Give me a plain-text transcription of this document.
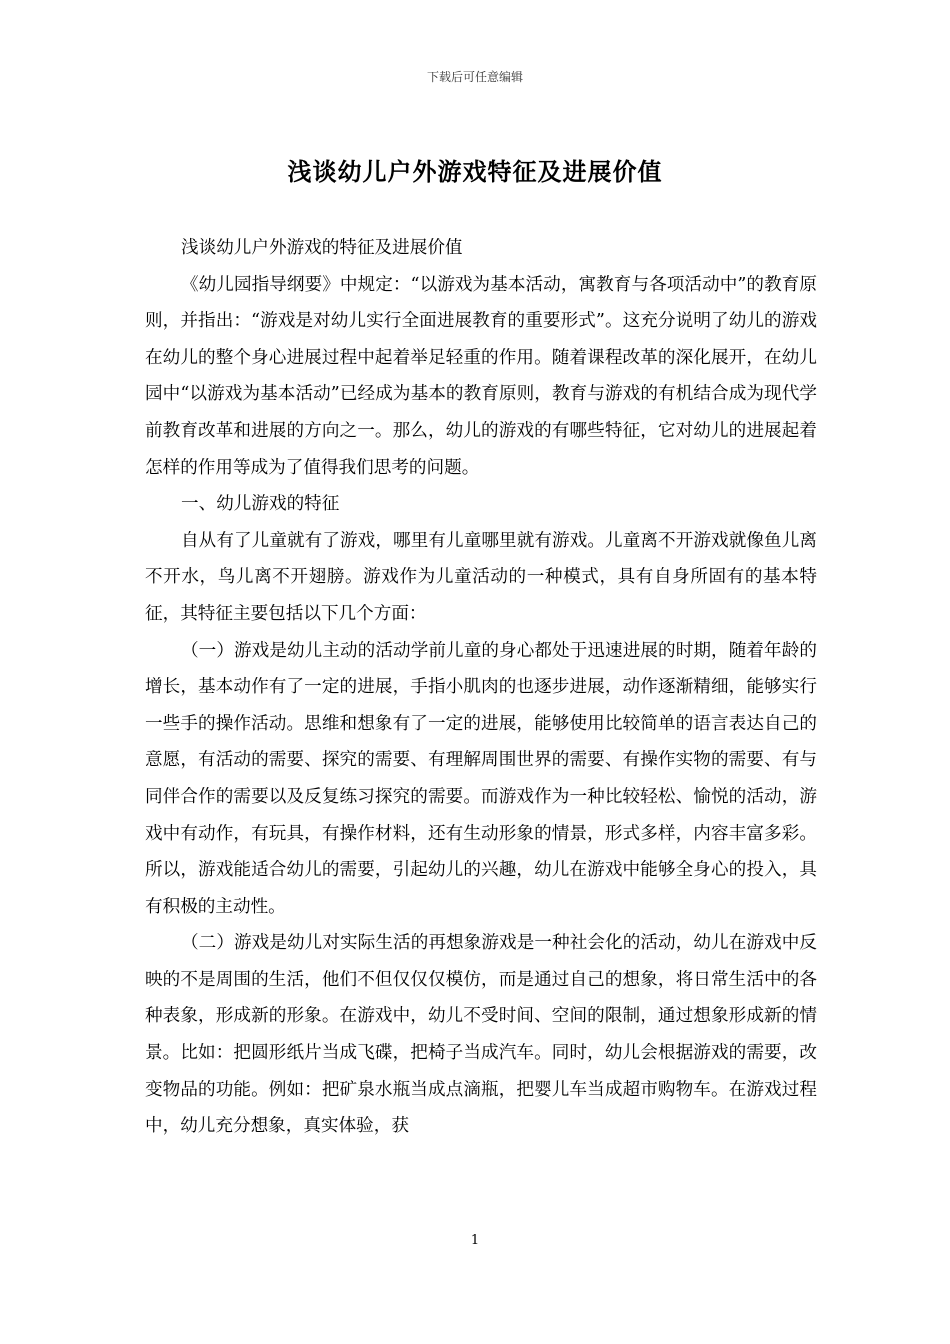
下载后可任意编辑
浅谈幼儿户外游戏特征及进展价值

浅谈幼儿户外游戏的特征及进展价值

《幼儿园指导纲要》中规定：“以游戏为基本活动，寓教育与各项活动中”的教育原则，并指出：“游戏是对幼儿实行全面进展教育的重要形式”。这充分说明了幼儿的游戏在幼儿的整个身心进展过程中起着举足轻重的作用。随着课程改革的深化展开，在幼儿园中“以游戏为基本活动”已经成为基本的教育原则，教育与游戏的有机结合成为现代学前教育改革和进展的方向之一。那么，幼儿的游戏的有哪些特征，它对幼儿的进展起着怎样的作用等成为了值得我们思考的问题。

一、幼儿游戏的特征

自从有了儿童就有了游戏，哪里有儿童哪里就有游戏。儿童离不开游戏就像鱼儿离不开水，鸟儿离不开翅膀。游戏作为儿童活动的一种模式，具有自身所固有的基本特征，其特征主要包括以下几个方面：

（一）游戏是幼儿主动的活动学前儿童的身心都处于迅速进展的时期，随着年龄的增长，基本动作有了一定的进展，手指小肌肉的也逐步进展，动作逐渐精细，能够实行一些手的操作活动。思维和想象有了一定的进展，能够使用比较简单的语言表达自己的意愿，有活动的需要、探究的需要、有理解周围世界的需要、有操作实物的需要、有与同伴合作的需要以及反复练习探究的需要。而游戏作为一种比较轻松、愉悦的活动，游戏中有动作，有玩具，有操作材料，还有生动形象的情景，形式多样，内容丰富多彩。所以，游戏能适合幼儿的需要，引起幼儿的兴趣，幼儿在游戏中能够全身心的投入，具有积极的主动性。

（二）游戏是幼儿对实际生活的再想象游戏是一种社会化的活动，幼儿在游戏中反映的不是周围的生活，他们不但仅仅仅模仿，而是通过自己的想象，将日常生活中的各种表象，形成新的形象。在游戏中，幼儿不受时间、空间的限制，通过想象形成新的情景。比如：把圆形纸片当成飞碟，把椅子当成汽车。同时，幼儿会根据游戏的需要，改变物品的功能。例如：把矿泉水瓶当成点滴瓶，把婴儿车当成超市购物车。在游戏过程中，幼儿充分想象，真实体验，获

1
